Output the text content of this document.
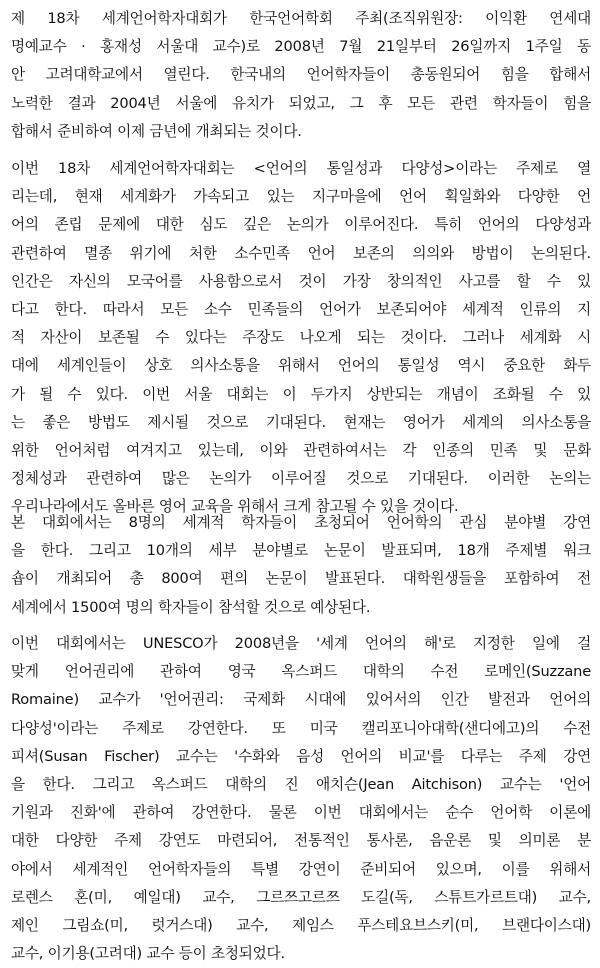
제 18차 세계언어학자대회가 한국언어학회 주최(조직위원장: 이익환 연세대
명예교수 · 홍재성 서울대 교수)로 2008년 7월 21일부터 26일까지 1주일 동
안 고려대학교에서 열린다. 한국내의 언어학자들이 총동원되어 힘을 합해서
노력한 결과 2004년 서울에 유치가 되었고, 그 후 모든 관련 학자들이 힘을
합해서 준비하여 이제 금년에 개최되는 것이다.
이번 18차 세계언어학자대회는 <언어의 통일성과 다양성>이라는 주제로 열
리는데, 현재 세계화가 가속되고 있는 지구마을에 언어 획일화와 다양한 언
어의 존립 문제에 대한 심도 깊은 논의가 이루어진다. 특히 언어의 다양성과
관련하여 멸종 위기에 처한 소수민족 언어 보존의 의의와 방법이 논의된다.
인간은 자신의 모국어를 사용함으로서 것이 가장 창의적인 사고를 할 수 있
다고 한다. 따라서 모든 소수 민족들의 언어가 보존되어야 세계적 인류의 지
적 자산이 보존될 수 있다는 주장도 나오게 되는 것이다. 그러나 세계화 시
대에 세계인들이 상호 의사소통을 위해서 언어의 통일성 역시 중요한 화두
가 될 수 있다. 이번 서울 대회는 이 두가지 상반되는 개념이 조화될 수 있
는 좋은 방법도 제시될 것으로 기대된다. 현재는 영어가 세계의 의사소통을
위한 언어처럼 여겨지고 있는데, 이와 관련하여서는 각 인종의 민족 및 문화
정체성과 관련하여 많은 논의가 이루어질 것으로 기대된다. 이러한 논의는
우리나라에서도 올바른 영어 교육을 위해서 크게 참고될 수 있을 것이다.
본 대회에서는 8명의 세계적 학자들이 초청되어 언어학의 관심 분야별 강연
을 한다. 그리고 10개의 세부 분야별로 논문이 발표되며, 18개 주제별 워크
숍이 개최되어 총 800여 편의 논문이 발표된다. 대학원생들을 포함하여 전
세계에서 1500여 명의 학자들이 참석할 것으로 예상된다.
이번 대회에서는 UNESCO가 2008년을 '세계 언어의 해'로 지정한 일에 걸
맞게 언어권리에 관하여 영국 옥스퍼드 대학의 수전 로메인(Suzzane
Romaine) 교수가 '언어권리: 국제화 시대에 있어서의 인간 발전과 언어의
다양성'이라는 주제로 강연한다. 또 미국 캘리포니아대학(샌디에고)의 수전
피셔(Susan Fischer) 교수는 '수화와 음성 언어의 비교'를 다루는 주제 강연
을 한다. 그리고 옥스퍼드 대학의 진 애치슨(Jean Aitchison) 교수는 '언어
기원과 진화'에 관하여 강연한다. 물론 이번 대회에서는 순수 언어학 이론에
대한 다양한 주제 강연도 마련되어, 전통적인 통사론, 음운론 및 의미론 분
야에서 세계적인 언어학자들의 특별 강연이 준비되어 있으며, 이를 위해서
로렌스 혼(미, 예일대) 교수, 그르쯔고르쯔 도길(독, 스튜트가르트대) 교수,
제인 그림쇼(미, 럿거스대) 교수, 제임스 푸스테요브스키(미, 브랜다이스대)
교수, 이기용(고려대) 교수 등이 초청되었다.
